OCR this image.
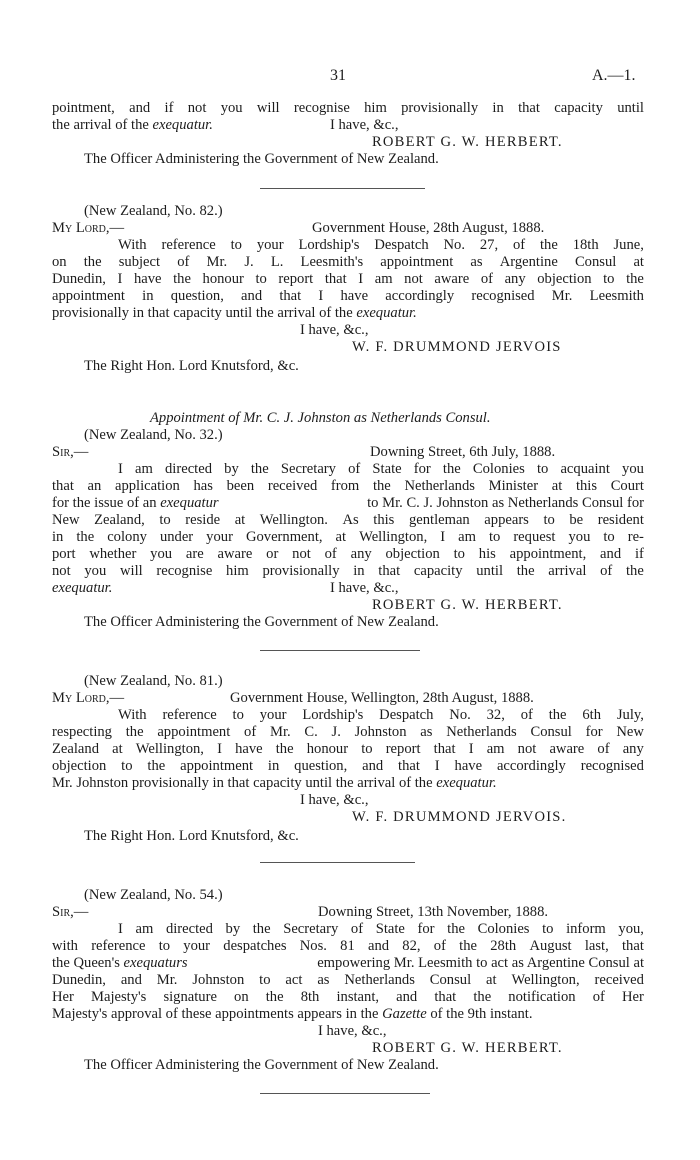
31	A.—1.
pointment, and if not you will recognise him provisionally in that capacity until
the arrival of the exequatur.	I have, &c.,
ROBERT G. W. HERBERT.
The Officer Administering the Government of New Zealand.
(New Zealand, No. 82.)
My Lord,—	Government House, 28th August, 1888.
With reference to your Lordship's Despatch No. 27, of the 18th June,
on the subject of Mr. J. L. Leesmith's appointment as Argentine Consul at
Dunedin, I have the honour to report that I am not aware of any objection to the
appointment in question, and that I have accordingly recognised Mr. Leesmith
provisionally in that capacity until the arrival of the exequatur.
I have, &c.,
W. F. DRUMMOND JERVOIS
The Right Hon. Lord Knutsford, &c.
Appointment of Mr. C. J. Johnston as Netherlands Consul.
(New Zealand, No. 32.)
Sir,—	Downing Street, 6th July, 1888.
I am directed by the Secretary of State for the Colonies to acquaint you
that an application has been received from the Netherlands Minister at this Court
for the issue of an exequatur	to Mr. C. J. Johnston as Netherlands Consul for
New Zealand, to reside at Wellington. As this gentleman appears to be resident
in the colony under your Government, at Wellington, I am to request you to re-
port whether you are aware or not of any objection to his appointment, and if
not you will recognise him provisionally in that capacity until the arrival of the
exequatur.	I have, &c.,
ROBERT G. W. HERBERT.
The Officer Administering the Government of New Zealand.
(New Zealand, No. 81.)
My Lord,—	Government House, Wellington, 28th August, 1888.
With reference to your Lordship's Despatch No. 32, of the 6th July,
respecting the appointment of Mr. C. J. Johnston as Netherlands Consul for New
Zealand at Wellington, I have the honour to report that I am not aware of any
objection to the appointment in question, and that I have accordingly recognised
Mr. Johnston provisionally in that capacity until the arrival of the exequatur.
I have, &c.,
W. F. DRUMMOND JERVOIS.
The Right Hon. Lord Knutsford, &c.
(New Zealand, No. 54.)
Sir,—	Downing Street, 13th November, 1888.
I am directed by the Secretary of State for the Colonies to inform you,
with reference to your despatches Nos. 81 and 82, of the 28th August last, that
the Queen's exequaturs	empowering Mr. Leesmith to act as Argentine Consul at
Dunedin, and Mr. Johnston to act as Netherlands Consul at Wellington, received
Her Majesty's signature on the 8th instant, and that the notification of Her
Majesty's approval of these appointments appears in the Gazette of the 9th instant.
I have, &c.,
ROBERT G. W. HERBERT.
The Officer Administering the Government of New Zealand.
